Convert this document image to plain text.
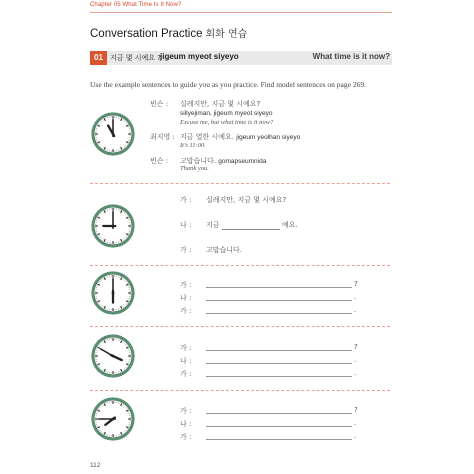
Chapter 05 What Time Is It Now?
Conversation Practice 회화 연습
01	지금 몇 시예요 ? jigeum myeot siyeyo	What time is it now?
Use the example sentences to guide you as you practice. Find model sentences on page 269.
빈슨 : 실례지만, 지금 몇 시예요?
sillyejiman, jigeum myeot siyeyo
Excuse me, but what time is it now?
최지영 : 지금 열한 시예요. jigeum yeolhan siyeyo
It's 11:00.
빈슨 : 고맙습니다. gomapseumnida
Thank you.
가 : 실례지만, 지금 몇 시예요?
나 : 지금	예요.
가 : 고맙습니다.
가 :	?
나 :	.
가 :	.
가 :	?
나 :	.
가 :	.
가 :	?
나 :	.
가 :	.
112
